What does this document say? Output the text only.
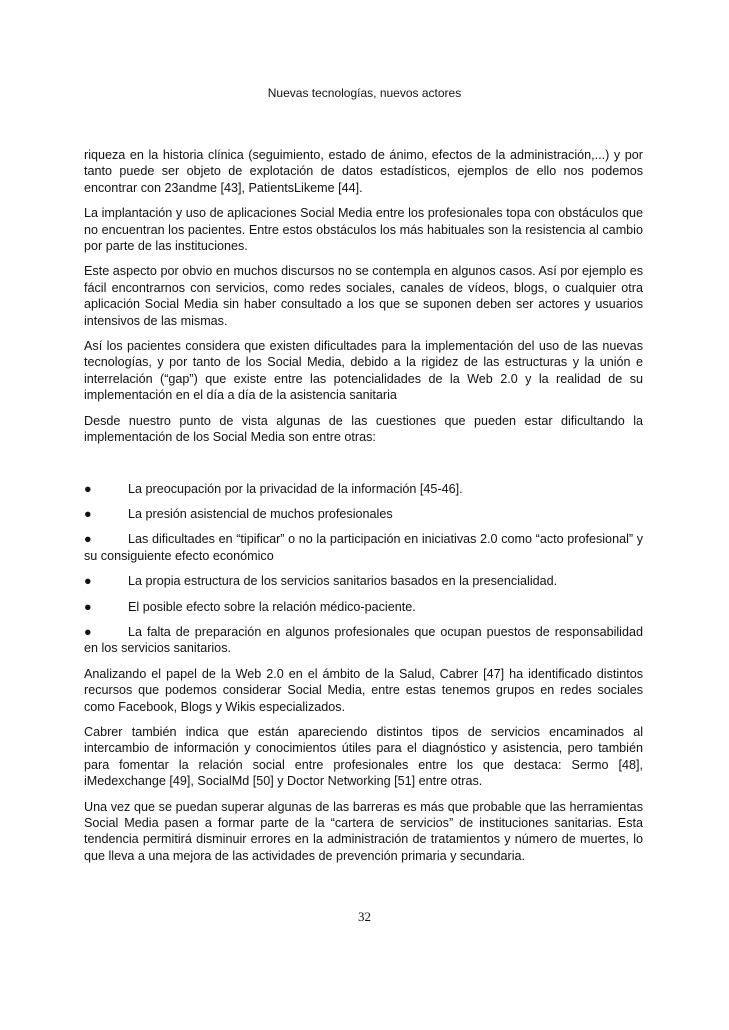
Nuevas tecnologías, nuevos actores

riqueza en la historia clínica (seguimiento, estado de ánimo, efectos de la administración,...) y por tanto puede ser objeto de explotación de datos estadísticos, ejemplos de ello nos podemos encontrar con 23andme [43], PatientsLikeme [44].

La implantación y uso de aplicaciones Social Media entre los profesionales topa con obstáculos que no encuentran los pacientes. Entre estos obstáculos los más habituales son la resistencia al cambio por parte de las instituciones.

Este aspecto por obvio en muchos discursos no se contempla en algunos casos. Así por ejemplo es fácil encontrarnos con servicios, como redes sociales, canales de vídeos, blogs, o cualquier otra aplicación Social Media sin haber consultado a los que se suponen deben ser actores y usuarios intensivos de las mismas.

Así los pacientes considera que existen dificultades para la implementación del uso de las nuevas tecnologías, y por tanto de los Social Media, debido a la rigidez de las estructuras y la unión e interrelación (“gap”) que existe entre las potencialidades de la Web 2.0 y la realidad de su implementación en el día a día de la asistencia sanitaria

Desde nuestro punto de vista algunas de las cuestiones que pueden estar dificultando la implementación de los Social Media son entre otras:

●	La preocupación por la privacidad de la información [45-46].
●	La presión asistencial de muchos profesionales
●	Las dificultades en “tipificar” o no la participación en iniciativas 2.0 como “acto profesional” y su consiguiente efecto económico
●	La propia estructura de los servicios sanitarios basados en la presencialidad.
●	El posible efecto sobre la relación médico-paciente.
●	La falta de preparación en algunos profesionales que ocupan puestos de responsabilidad en los servicios sanitarios.

Analizando el papel de la Web 2.0 en el ámbito de la Salud, Cabrer [47] ha identificado distintos recursos que podemos considerar Social Media, entre estas tenemos grupos en redes sociales como Facebook, Blogs y Wikis especializados.

Cabrer también indica que están apareciendo distintos tipos de servicios encaminados al intercambio de información y conocimientos útiles para el diagnóstico y asistencia, pero también para fomentar la relación social entre profesionales entre los que destaca: Sermo [48], iMedexchange [49], SocialMd [50] y Doctor Networking [51] entre otras.

Una vez que se puedan superar algunas de las barreras es más que probable que las herramientas Social Media pasen a formar parte de la “cartera de servicios” de instituciones sanitarias. Esta tendencia permitirá disminuir errores en la administración de tratamientos y número de muertes, lo que lleva a una mejora de las actividades de prevención primaria y secundaria.

32
